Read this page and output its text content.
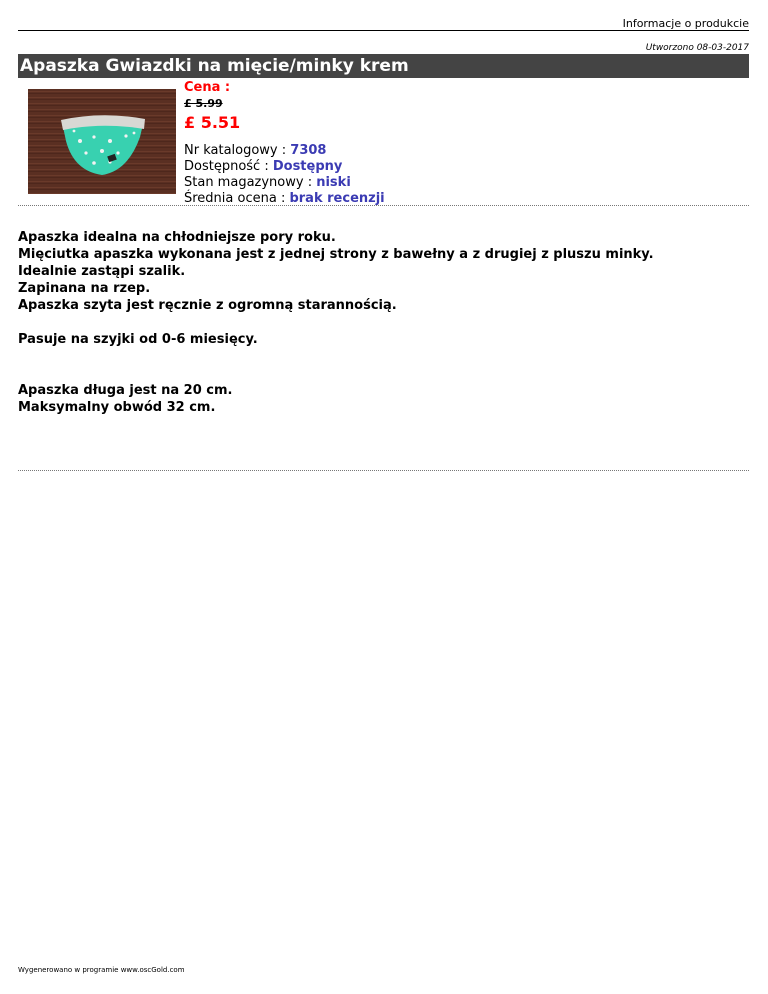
Informacje o produkcie
Utworzono 08-03-2017
Apaszka Gwiazdki na mięcie/minky krem
Cena :
£ 5.99
£ 5.51
Nr katalogowy : 7308
Dostępność : Dostępny
Stan magazynowy : niski
Średnia ocena : brak recenzji

Apaszka idealna na chłodniejsze pory roku.

Mięciutka apaszka wykonana jest z jednej strony z bawełny a z drugiej z pluszu minky.

Idealnie zastąpi szalik.

Zapinana na rzep.

Apaszka szyta jest ręcznie z ogromną starannością.

Pasuje na szyjki od 0-6 miesięcy.

Apaszka długa jest na 20 cm.

Maksymalny obwód 32 cm.

Wygenerowano w programie www.oscGold.com
